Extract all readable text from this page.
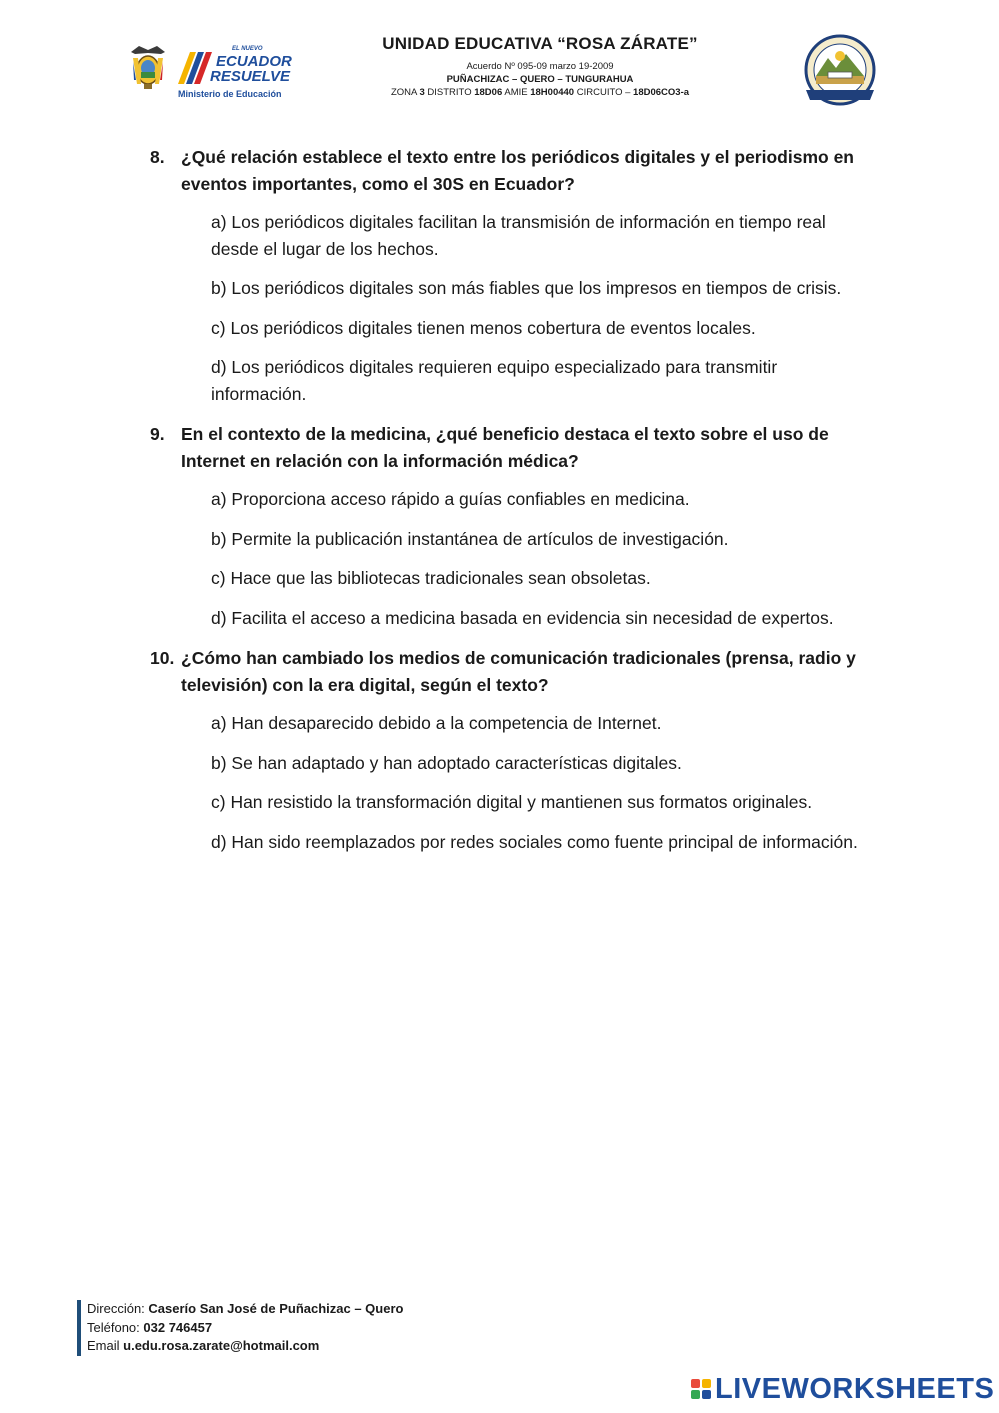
EL NUEVO
ECUADOR
RESUELVE
Ministerio de Educación
UNIDAD EDUCATIVA “ROSA ZÁRATE”
Acuerdo Nº 095-09 marzo 19-2009
PUÑACHIZAC – QUERO – TUNGURAHUA
ZONA 3 DISTRITO 18D06 AMIE 18H00440 CIRCUITO – 18D06CO3-a
"PUÑACHIZAC"
8. ¿Qué relación establece el texto entre los periódicos digitales y el periodismo en eventos importantes, como el 30S en Ecuador?
a) Los periódicos digitales facilitan la transmisión de información en tiempo real desde el lugar de los hechos.
b) Los periódicos digitales son más fiables que los impresos en tiempos de crisis.
c) Los periódicos digitales tienen menos cobertura de eventos locales.
d) Los periódicos digitales requieren equipo especializado para transmitir información.
9. En el contexto de la medicina, ¿qué beneficio destaca el texto sobre el uso de Internet en relación con la información médica?
a) Proporciona acceso rápido a guías confiables en medicina.
b) Permite la publicación instantánea de artículos de investigación.
c) Hace que las bibliotecas tradicionales sean obsoletas.
d) Facilita el acceso a medicina basada en evidencia sin necesidad de expertos.
10. ¿Cómo han cambiado los medios de comunicación tradicionales (prensa, radio y televisión) con la era digital, según el texto?
a) Han desaparecido debido a la competencia de Internet.
b) Se han adaptado y han adoptado características digitales.
c) Han resistido la transformación digital y mantienen sus formatos originales.
d) Han sido reemplazados por redes sociales como fuente principal de información.
Dirección: Caserío San José de Puñachizac – Quero
Teléfono: 032 746457
Email u.edu.rosa.zarate@hotmail.com
LIVEWORKSHEETS
